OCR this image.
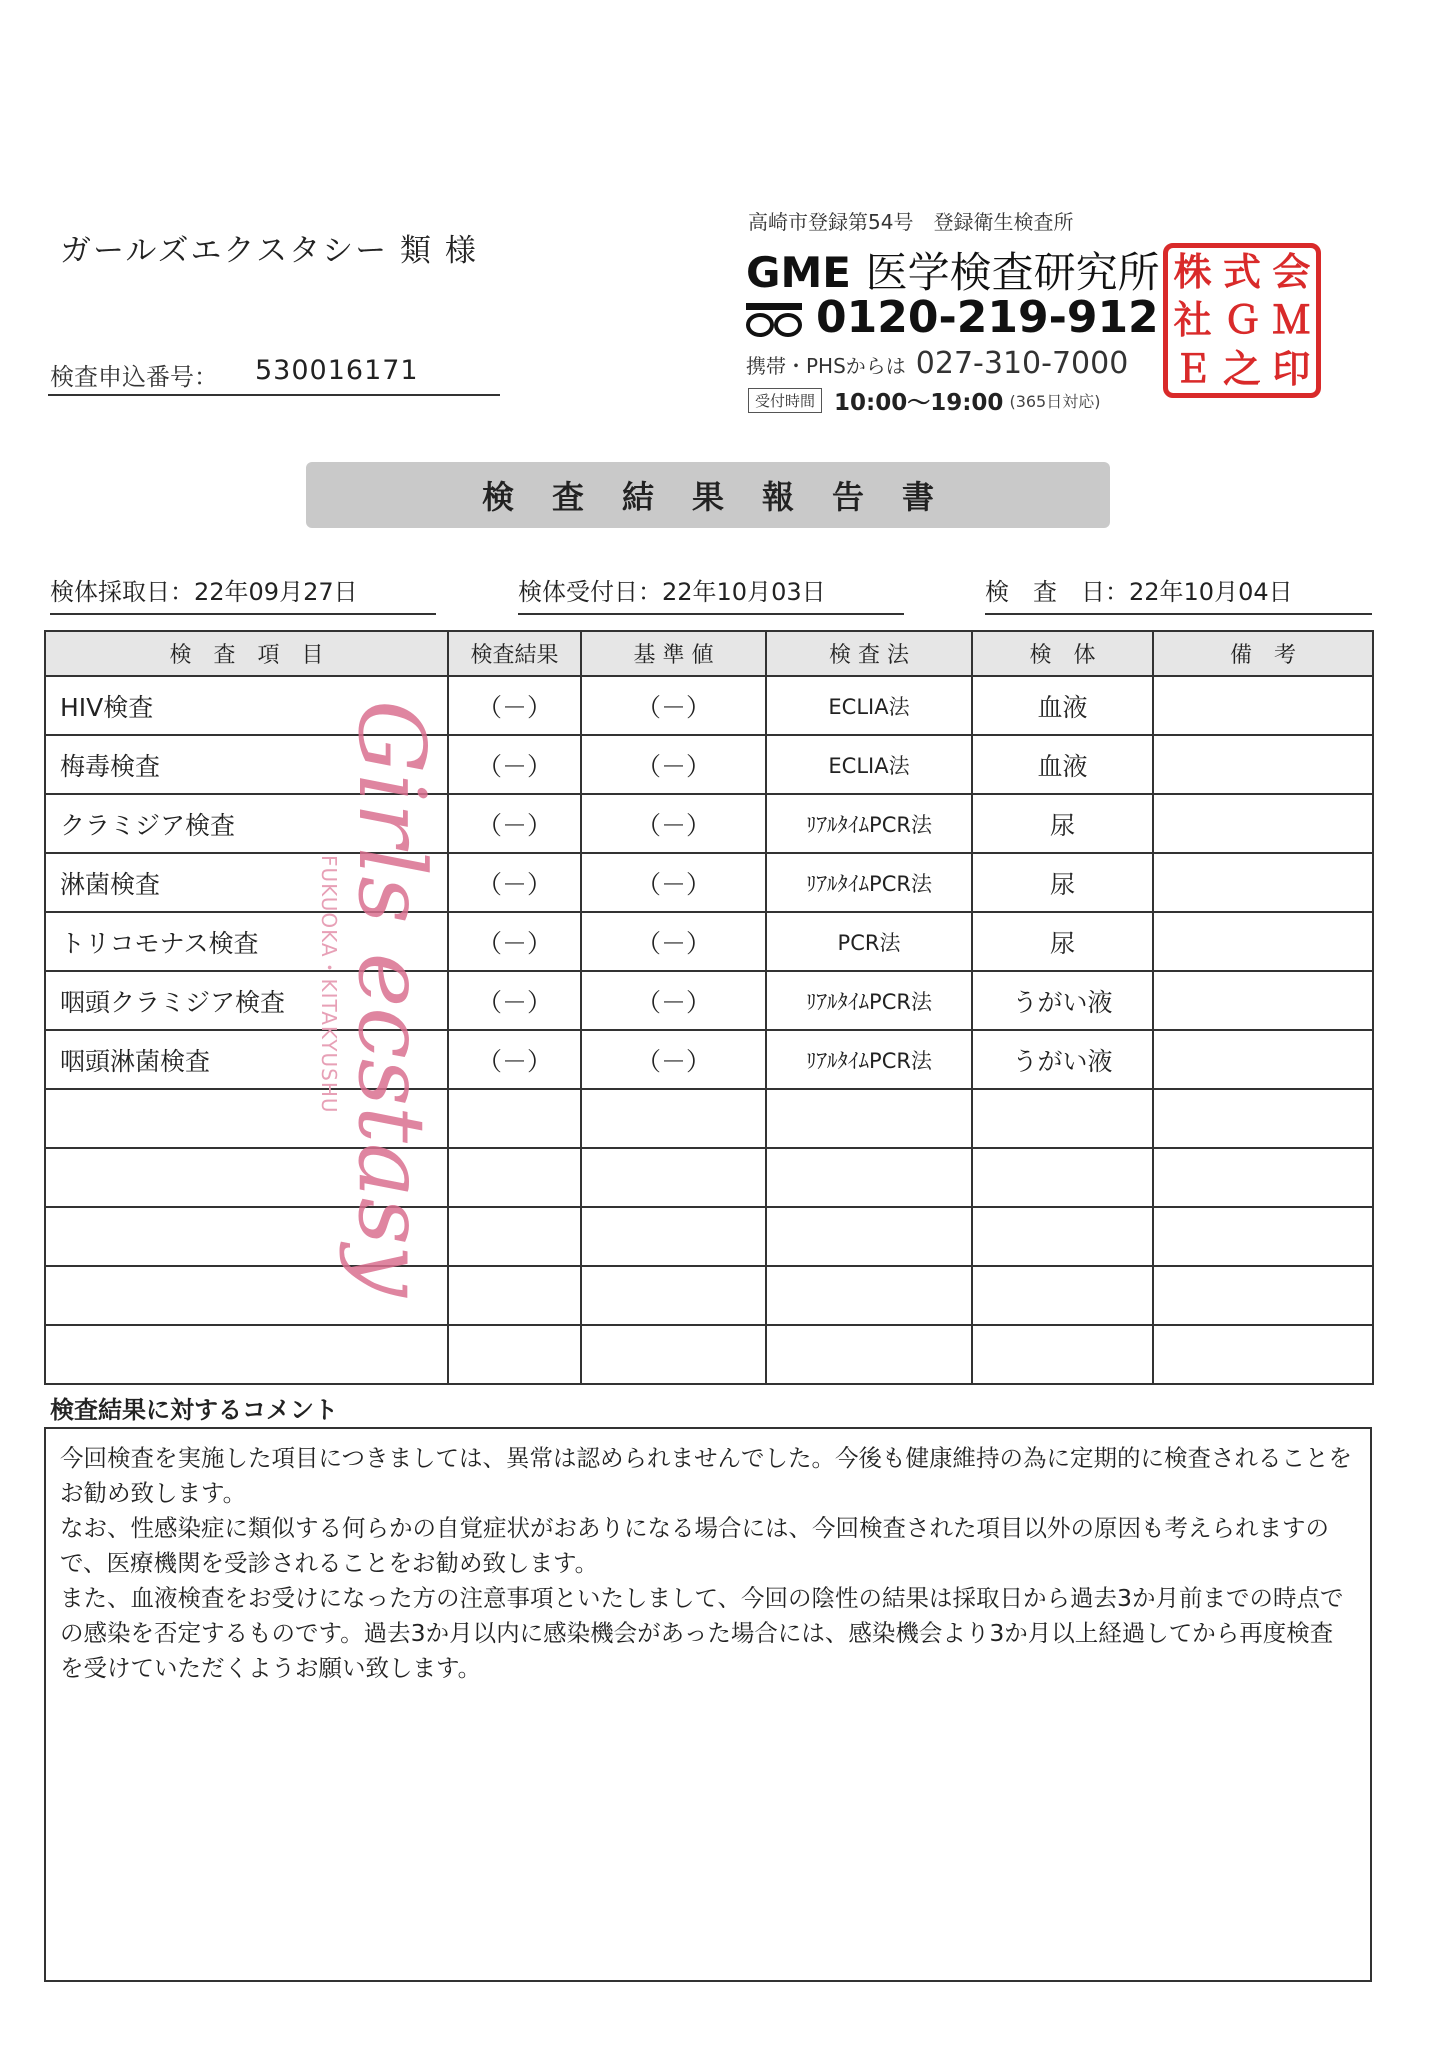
ガールズエクスタシー 類 様
検査申込番号： 530016171
高崎市登録第54号　登録衛生検査所
GME 医学検査研究所
0120-219-912
携帯・PHSからは 027-310-7000
受付時間 10:00〜19:00 (365日対応)
株 式 会
社 Ｇ Ｍ
Ｅ 之 印
検査結果報告書
検体採取日：22年09月27日	検体受付日：22年10月03日	検　査　日：22年10月04日
検　査　項　目	検査結果	基 準 値	検 査 法	検　体	備　考
HIV検査	（－）	（－）	ECLIA法	血液	
梅毒検査	（－）	（－）	ECLIA法	血液	
クラミジア検査	（－）	（－）	ﾘｱﾙﾀｲﾑPCR法	尿	
淋菌検査	（－）	（－）	ﾘｱﾙﾀｲﾑPCR法	尿	
トリコモナス検査	（－）	（－）	PCR法	尿	
咽頭クラミジア検査	（－）	（－）	ﾘｱﾙﾀｲﾑPCR法	うがい液	
咽頭淋菌検査	（－）	（－）	ﾘｱﾙﾀｲﾑPCR法	うがい液	

Girls ecstasy
FUKUOKA・KITAKYUSHU
検査結果に対するコメント

今回検査を実施した項目につきましては、異常は認められませんでした。今後も健康維持の為に定期的に検査されることをお勧め致します。

なお、性感染症に類似する何らかの自覚症状がおありになる場合には、今回検査された項目以外の原因も考えられますので、医療機関を受診されることをお勧め致します。

また、血液検査をお受けになった方の注意事項といたしまして、今回の陰性の結果は採取日から過去3か月前までの時点での感染を否定するものです。過去3か月以内に感染機会があった場合には、感染機会より3か月以上経過してから再度検査を受けていただくようお願い致します。
